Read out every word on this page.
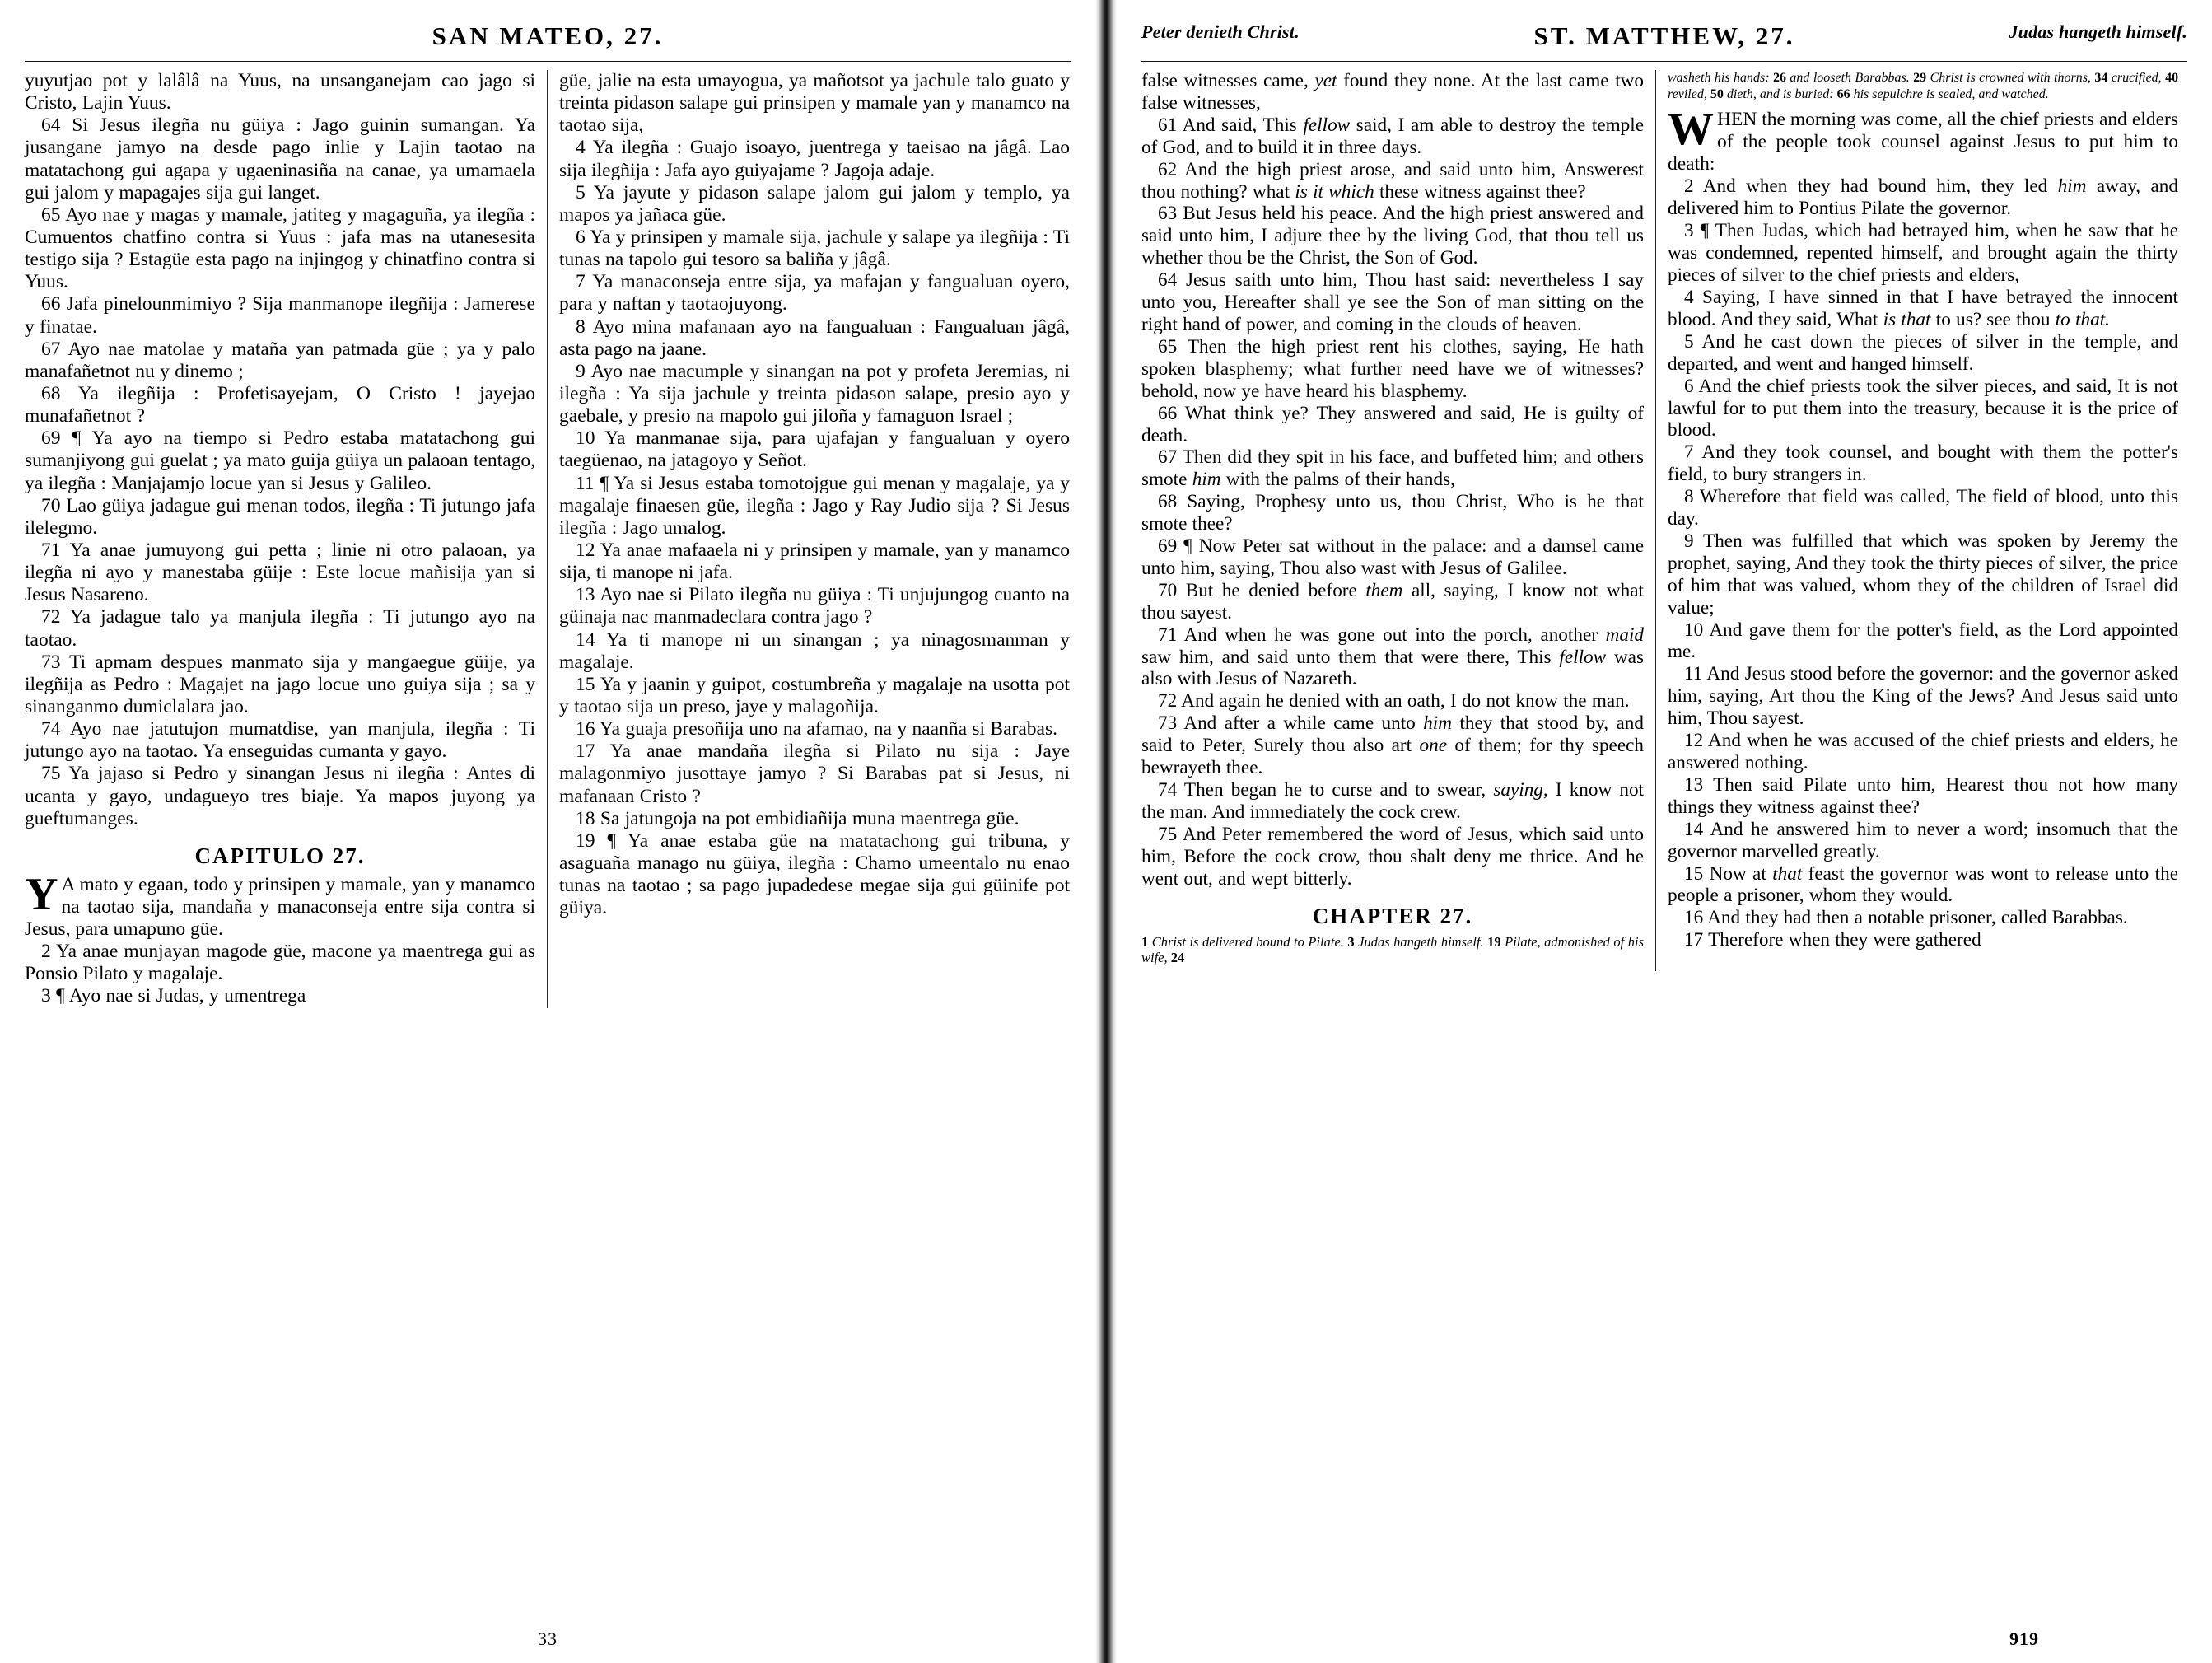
SAN MATEO, 27.

yuyutjao pot y lalâlâ na Yuus, na unsanganejam cao jago si Cristo, Lajin Yuus.

64 Si Jesus ilegña nu güiya : Jago guinin sumangan. Ya jusangane jamyo na desde pago inlie y Lajin taotao na matatachong gui agapa y ugaeninasiña na canae, ya umamaela gui jalom y mapagajes sija gui langet.

65 Ayo nae y magas y mamale, jatiteg y magaguña, ya ilegña : Cumuentos chatfino contra si Yuus : jafa mas na utanesesita testigo sija ? Estagüe esta pago na injingog y chinatfino contra si Yuus.

66 Jafa pinelounmimiyo ? Sija manmanope ilegñija : Jamerese y finatae.

67 Ayo nae matolae y matañа yan patmada güe ; ya y palo manafañetnot nu y dinemo ;

68 Ya ilegñija : Profetisayejam, O Cristo ! jayejao munafañetnot ?

69 ¶ Ya ayo na tiempo si Pedro estaba matatachong gui sumanjiyong gui guelat ; ya mato guija güiya un palaoan tentago, ya ilegña : Manjajamjo locue yan si Jesus y Galileo.

70 Lao güiya jadague gui menan todos, ilegña : Ti jutungo jafa ilelegmo.

71 Ya anae jumuyong gui petta ; linie ni otro palaoan, ya ilegña ni ayo y manestaba güije : Este locue mañisija yan si Jesus Nasareno.

72 Ya jadague talo ya manjula ilegña : Ti jutungo ayo na taotao.

73 Ti apmam despues manmato sija y mangaegue güije, ya ilegñija as Pedro : Magajet na jago locue uno guiya sija ; sa y sinanganmo dumiclalara jao.

74 Ayo nae jatutujon mumatdise, yan manjula, ilegña : Ti jutungo ayo na taotao. Ya enseguidas cumanta y gayo.

75 Ya jajaso si Pedro y sinangan Jesus ni ilegña : Antes di ucanta y gayo, undagueyo tres biaje. Ya mapos juyong ya gueftumanges.

CAPITULO 27.

Y A mato y egaan, todo y prinsipen y mamale, yan y manamco na taotao sija, mandaña y manaconseja entre sija contra si Jesus, para umapuno güe.

2 Ya anae munjayan magode güe, macone ya maentrega gui as Ponsio Pilato y magalaje.

3 ¶ Ayo nae si Judas, y umentrega

güe, jalie na esta umayogua, ya mañotsot ya jachule talo guato y treinta pidason salape gui prinsipen y mamale yan y manamco na taotao sija,

4 Ya ilegña : Guajo isoayo, juentrega y taeisao na jâgâ. Lao sija ilegñija : Jafa ayo guiyajame ? Jagoja adaje.

5 Ya jayute y pidason salape jalom gui jalom y templo, ya mapos ya jañaca güe.

6 Ya y prinsipen y mamale sija, jachule y salape ya ilegñija : Ti tunas na tapolo gui tesoro sa baliña y jâgâ.

7 Ya manaconseja entre sija, ya mafajan y fangualuan oyero, para y naftan y taotaojuyong.

8 Ayo mina mafanaan ayo na fangualuan : Fangualuan jâgâ, asta pago na jaane.

9 Ayo nae macumple y sinangan na pot y profeta Jeremias, ni ilegña : Ya sija jachule y treinta pidason salape, presio ayo y gaebale, y presio na mapolo gui jiloña y famaguon Israel ;

10 Ya manmanae sija, para ujafajan y fangualuan y oyero taegüenao, na jatagoyo y Señot.

11 ¶ Ya si Jesus estaba tomotojgue gui menan y magalaje, ya y magalaje finaesen güe, ilegña : Jago y Ray Judio sija ? Si Jesus ilegña : Jago umalog.

12 Ya anae mafaaela ni y prinsipen y mamale, yan y manamco sija, ti manope ni jafa.

13 Ayo nae si Pilato ilegña nu güiya : Ti unjujungog cuanto na güinaja nac manmadeclara contra jago ?

14 Ya ti manope ni un sinangan ; ya ninagosmanman y magalaje.

15 Ya y jaanin y guipot, costumbreña y magalaje na usotta pot y taotao sija un preso, jaye y malagoñija.

16 Ya guaja presoñija uno na afamao, na y naanña si Barabas.

17 Ya anae mandaña ilegña si Pilato nu sija : Jaye malagonmiyo jusottaye jamyo ? Si Barabas pat si Jesus, ni mafanaan Cristo ?

18 Sa jatungoja na pot embidiañija muna maentrega güe.

19 ¶ Ya anae estaba güe na matatachong gui tribuna, y asaguaña manago nu güiya, ilegña : Chamo umeentalo nu enao tunas na taotao ; sa pago jupadedese megae sija gui güinife pot güiya.

33
Peter denieth Christ.	ST. MATTHEW, 27.	Judas hangeth himself.

false witnesses came, yet found they none. At the last came two false witnesses,

61 And said, This fellow said, I am able to destroy the temple of God, and to build it in three days.

62 And the high priest arose, and said unto him, Answerest thou nothing? what is it which these witness against thee?

63 But Jesus held his peace. And the high priest answered and said unto him, I adjure thee by the living God, that thou tell us whether thou be the Christ, the Son of God.

64 Jesus saith unto him, Thou hast said: nevertheless I say unto you, Hereafter shall ye see the Son of man sitting on the right hand of power, and coming in the clouds of heaven.

65 Then the high priest rent his clothes, saying, He hath spoken blasphemy; what further need have we of witnesses? behold, now ye have heard his blasphemy.

66 What think ye? They answered and said, He is guilty of death.

67 Then did they spit in his face, and buffeted him; and others smote him with the palms of their hands,

68 Saying, Prophesy unto us, thou Christ, Who is he that smote thee?

69 ¶ Now Peter sat without in the palace: and a damsel came unto him, saying, Thou also wast with Jesus of Galilee.

70 But he denied before them all, saying, I know not what thou sayest.

71 And when he was gone out into the porch, another maid saw him, and said unto them that were there, This fellow was also with Jesus of Nazareth.

72 And again he denied with an oath, I do not know the man.

73 And after a while came unto him they that stood by, and said to Peter, Surely thou also art one of them; for thy speech bewrayeth thee.

74 Then began he to curse and to swear, saying, I know not the man. And immediately the cock crew.

75 And Peter remembered the word of Jesus, which said unto him, Before the cock crow, thou shalt deny me thrice. And he went out, and wept bitterly.

CHAPTER 27.

1 Christ is delivered bound to Pilate. 3 Judas hangeth himself. 19 Pilate, admonished of his wife, 24

washeth his hands: 26 and looseth Barabbas. 29 Christ is crowned with thorns, 34 crucified, 40 reviled, 50 dieth, and is buried: 66 his sepulchre is sealed, and watched.

WHEN the morning was come, all the chief priests and elders of the people took counsel against Jesus to put him to death:

2 And when they had bound him, they led him away, and delivered him to Pontius Pilate the governor.

3 ¶ Then Judas, which had betrayed him, when he saw that he was condemned, repented himself, and brought again the thirty pieces of silver to the chief priests and elders,

4 Saying, I have sinned in that I have betrayed the innocent blood. And they said, What is that to us? see thou to that.

5 And he cast down the pieces of silver in the temple, and departed, and went and hanged himself.

6 And the chief priests took the silver pieces, and said, It is not lawful for to put them into the treasury, because it is the price of blood.

7 And they took counsel, and bought with them the potter's field, to bury strangers in.

8 Wherefore that field was called, The field of blood, unto this day.

9 Then was fulfilled that which was spoken by Jeremy the prophet, saying, And they took the thirty pieces of silver, the price of him that was valued, whom they of the children of Israel did value;

10 And gave them for the potter's field, as the Lord appointed me.

11 And Jesus stood before the governor: and the governor asked him, saying, Art thou the King of the Jews? And Jesus said unto him, Thou sayest.

12 And when he was accused of the chief priests and elders, he answered nothing.

13 Then said Pilate unto him, Hearest thou not how many things they witness against thee?

14 And he answered him to never a word; insomuch that the governor marvelled greatly.

15 Now at that feast the governor was wont to release unto the people a prisoner, whom they would.

16 And they had then a notable prisoner, called Barabbas.

17 Therefore when they were gathered

919
